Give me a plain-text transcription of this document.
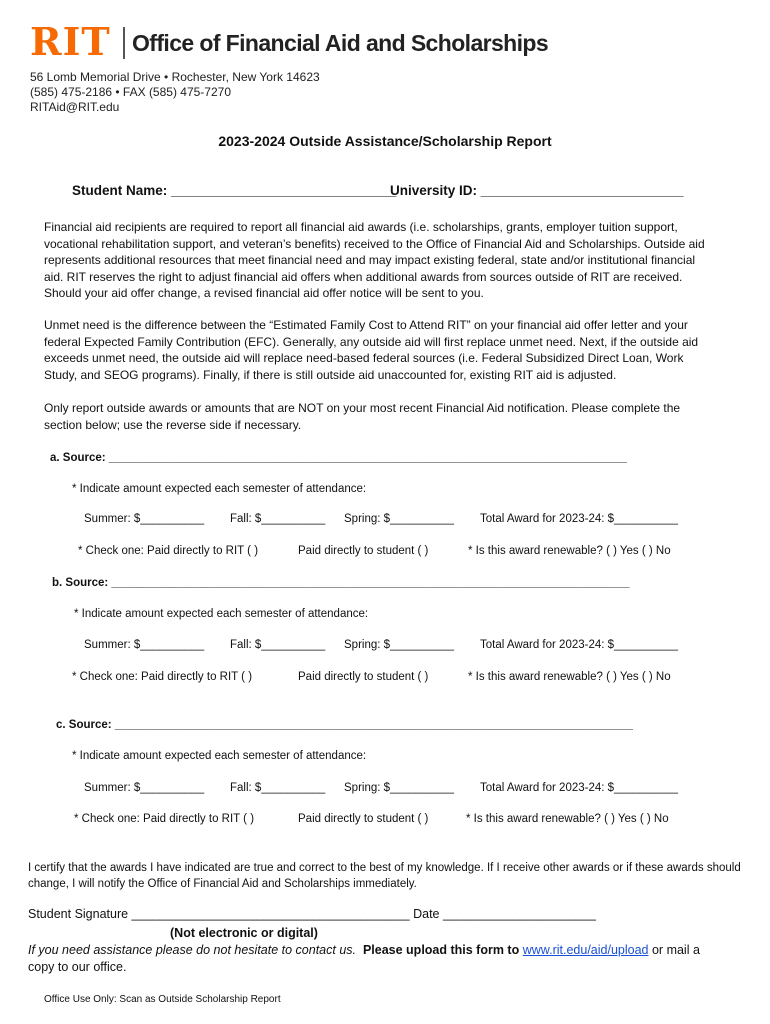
RIT Office of Financial Aid and Scholarships
56 Lomb Memorial Drive • Rochester, New York 14623
(585) 475-2186 • FAX (585) 475-7270
RITAid@RIT.edu
2023-2024 Outside Assistance/Scholarship Report
Student Name: ______________________________
University ID: ___________________________
Financial aid recipients are required to report all financial aid awards (i.e. scholarships, grants, employer tuition support, vocational rehabilitation support, and veteran’s benefits) received to the Office of Financial Aid and Scholarships. Outside aid represents additional resources that meet financial need and may impact existing federal, state and/or institutional financial aid. RIT reserves the right to adjust financial aid offers when additional awards from sources outside of RIT are received. Should your aid offer change, a revised financial aid offer notice will be sent to you.
Unmet need is the difference between the “Estimated Family Cost to Attend RIT” on your financial aid offer letter and your federal Expected Family Contribution (EFC). Generally, any outside aid will first replace unmet need. Next, if the outside aid exceeds unmet need, the outside aid will replace need-based federal sources (i.e. Federal Subsidized Direct Loan, Work Study, and SEOG programs). Finally, if there is still outside aid unaccounted for, existing RIT aid is adjusted.
Only report outside awards or amounts that are NOT on your most recent Financial Aid notification. Please complete the section below; use the reverse side if necessary.
a. Source: _________________________________________________________________________________
* Indicate amount expected each semester of attendance:
Summer: $__________ Fall: $__________ Spring: $__________ Total Award for 2023-24: $__________
* Check one: Paid directly to RIT ( )	Paid directly to student ( )	* Is this award renewable? ( ) Yes ( ) No
b. Source: _________________________________________________________________________________
* Indicate amount expected each semester of attendance:
Summer: $__________ Fall: $__________ Spring: $__________ Total Award for 2023-24: $__________
* Check one: Paid directly to RIT ( )	Paid directly to student ( )	* Is this award renewable? ( ) Yes ( ) No
c. Source: _________________________________________________________________________________
* Indicate amount expected each semester of attendance:
Summer: $__________ Fall: $__________ Spring: $__________ Total Award for 2023-24: $__________
* Check one: Paid directly to RIT ( )	Paid directly to student ( )	* Is this award renewable? ( ) Yes ( ) No
I certify that the awards I have indicated are true and correct to the best of my knowledge. If I receive other awards or if these awards should change, I will notify the Office of Financial Aid and Scholarships immediately.
Student Signature ________________________________________ Date ______________________
(Not electronic or digital)
If you need assistance please do not hesitate to contact us. Please upload this form to www.rit.edu/aid/upload or mail a copy to our office.
Office Use Only: Scan as Outside Scholarship Report
